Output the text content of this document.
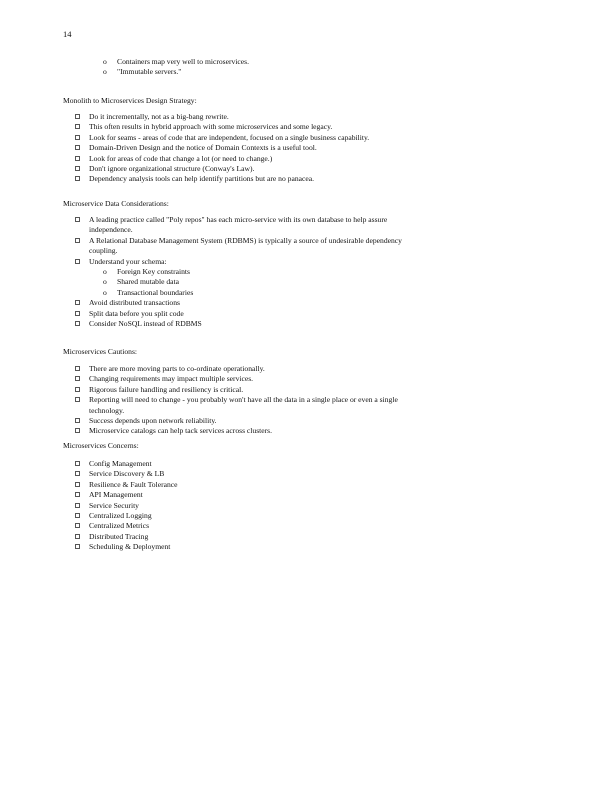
14
o Containers map very well to microservices.
o "Immutable servers."
Monolith to Microservices Design Strategy:
Do it incrementally, not as a big-bang rewrite.
This often results in hybrid approach with some microservices and some legacy.
Look for seams - areas of code that are independent, focused on a single business capability.
Domain-Driven Design and the notice of Domain Contexts is a useful tool.
Look for areas of code that change a lot (or need to change.)
Don't ignore organizational structure (Conway's Law).
Dependency analysis tools can help identify partitions but are no panacea.
Microservice Data Considerations:
A leading practice called "Poly repos" has each micro-service with its own database to help assure independence.
A Relational Database Management System (RDBMS) is typically a source of undesirable dependency coupling.
Understand your schema:
o Foreign Key constraints
o Shared mutable data
o Transactional boundaries
Avoid distributed transactions
Split data before you split code
Consider NoSQL instead of RDBMS
Microservices Cautions:
There are more moving parts to co-ordinate operationally.
Changing requirements may impact multiple services.
Rigorous failure handling and resiliency is critical.
Reporting will need to change - you probably won't have all the data in a single place or even a single technology.
Success depends upon network reliability.
Microservice catalogs can help tack services across clusters.
Microservices Concerns:
Config Management
Service Discovery & LB
Resilience & Fault Tolerance
API Management
Service Security
Centralized Logging
Centralized Metrics
Distributed Tracing
Scheduling & Deployment
